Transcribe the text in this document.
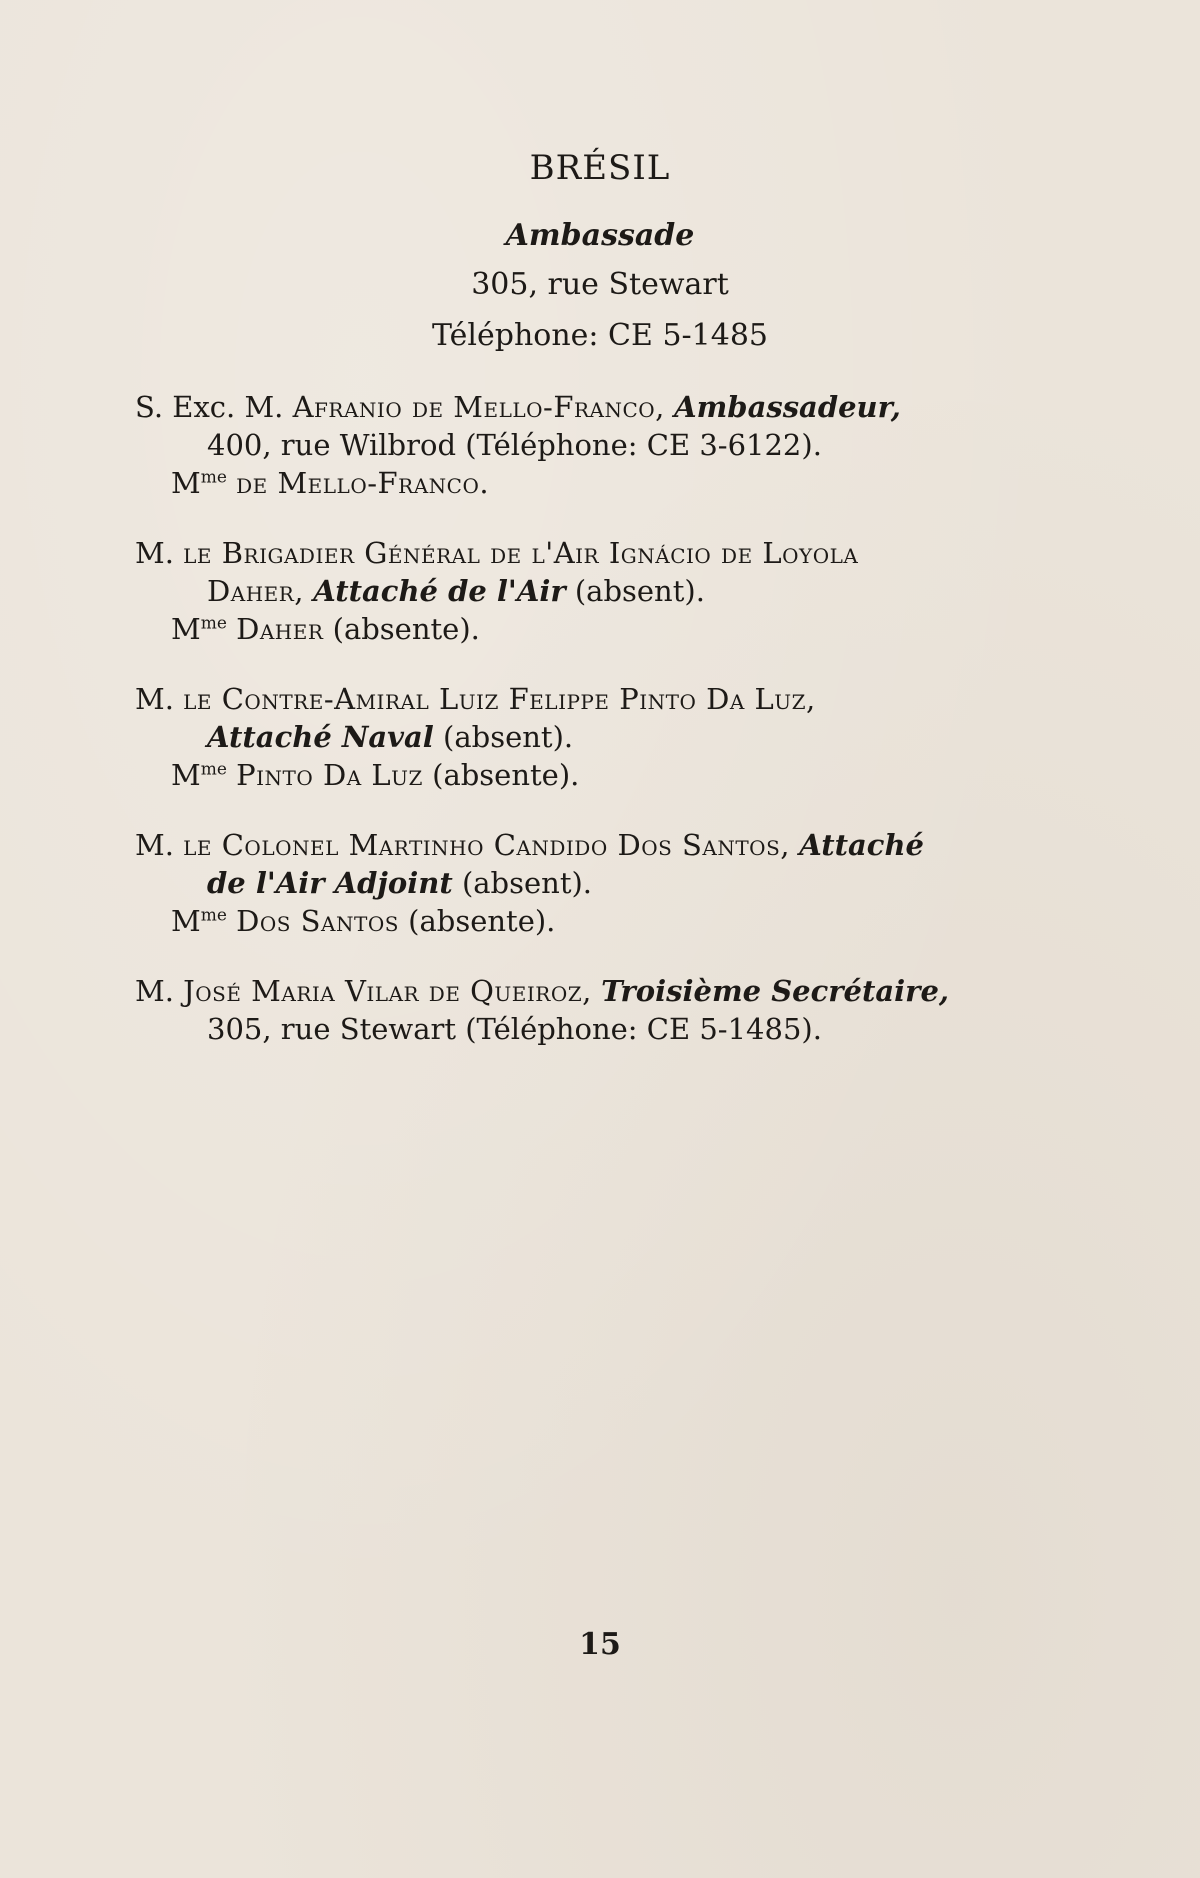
BRÉSIL
Ambassade
305, rue Stewart
Téléphone: CE 5-1485
S. Exc. M. Afranio de Mello-Franco, Ambassadeur,
400, rue Wilbrod (Téléphone: CE 3-6122).
$M^{me}$ de Mello-Franco.
M. le Brigadier Général de l'Air Ignácio de Loyola
Daher, Attaché de l'Air (absent).
$M^{me}$ Daher (absente).
M. le Contre-Amiral Luiz Felippe Pinto Da Luz,
Attaché Naval (absent).
$M^{me}$ Pinto Da Luz (absente).
M. le Colonel Martinho Candido Dos Santos, Attaché
de l'Air Adjoint (absent).
$M^{me}$ Dos Santos (absente).
M. José Maria Vilar de Queiroz, Troisième Secrétaire,
305, rue Stewart (Téléphone: CE 5-1485).
15
